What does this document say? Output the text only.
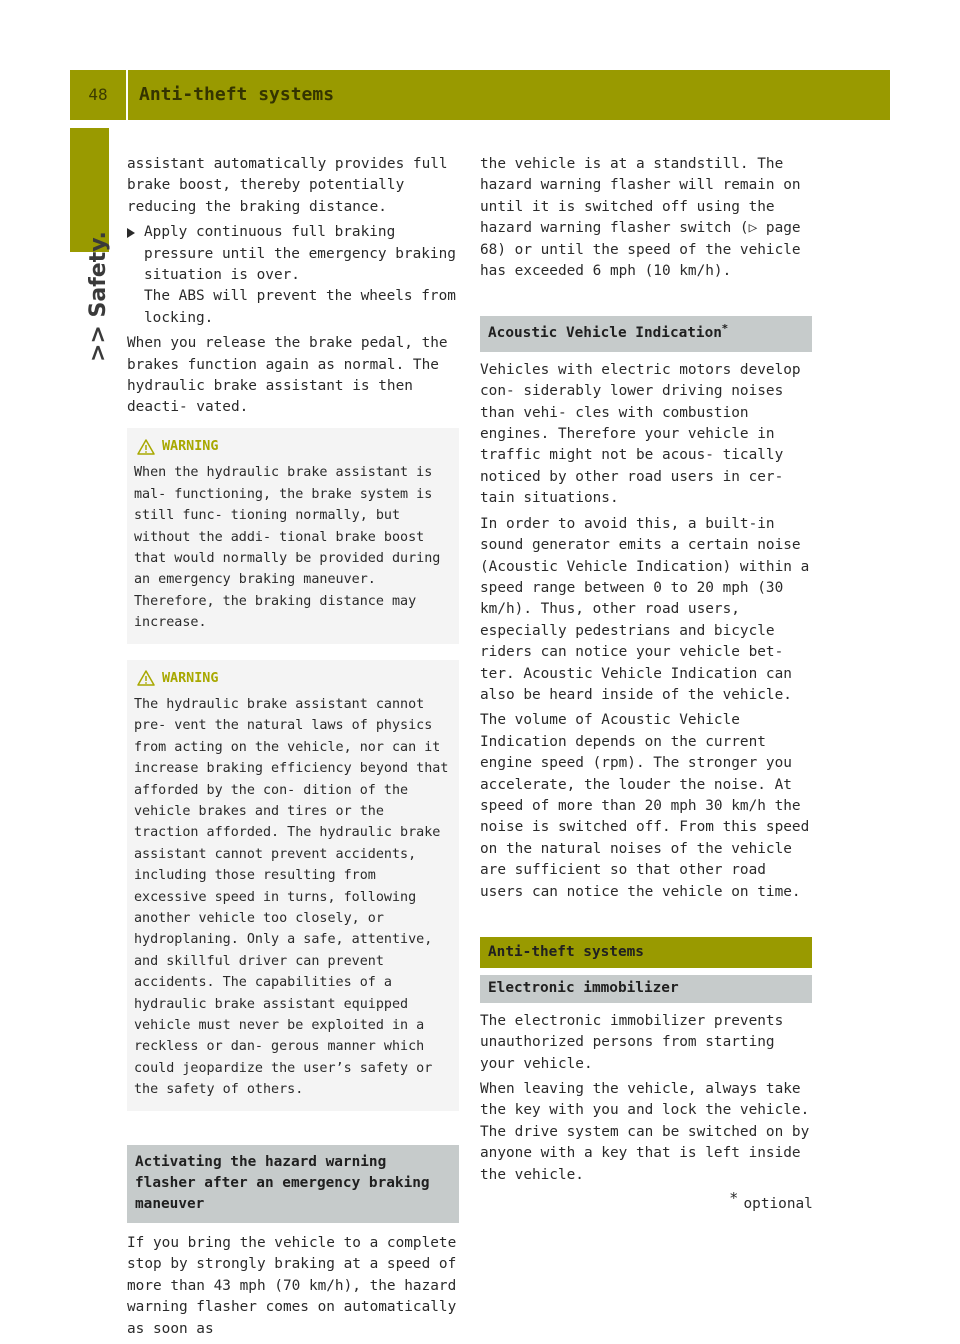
48	Anti-theft systems
>> Safety.

assistant automatically provides full brake boost, thereby potentially reducing the braking distance.

Apply continuous full braking pressure until the emergency braking situation is over.
The ABS will prevent the wheels from locking.

When you release the brake pedal, the brakes function again as normal. The hydraulic brake assistant is then deacti- vated.

WARNING
When the hydraulic brake assistant is mal- functioning, the brake system is still func- tioning normally, but without the addi- tional brake boost that would normally be provided during an emergency braking maneuver. Therefore, the braking distance may increase.
WARNING
The hydraulic brake assistant cannot pre- vent the natural laws of physics from acting on the vehicle, nor can it increase braking efficiency beyond that afforded by the con- dition of the vehicle brakes and tires or the traction afforded. The hydraulic brake assistant cannot prevent accidents, including those resulting from excessive speed in turns, following another vehicle too closely, or hydroplaning. Only a safe, attentive, and skillful driver can prevent accidents. The capabilities of a hydraulic brake assistant equipped vehicle must never be exploited in a reckless or dan- gerous manner which could jeopardize the user’s safety or the safety of others.
Activating the hazard warning flasher after an emergency braking maneuver

If you bring the vehicle to a complete stop by strongly braking at a speed of more than 43 mph (70 km/h), the hazard warning flasher comes on automatically as soon as

the vehicle is at a standstill. The hazard warning flasher will remain on until it is switched off using the hazard warning flasher switch (▷ page 68) or until the speed of the vehicle has exceeded 6 mph (10 km/h).

Acoustic Vehicle Indication*

Vehicles with electric motors develop con- siderably lower driving noises than vehi- cles with combustion engines. Therefore your vehicle in traffic might not be acous- tically noticed by other road users in cer- tain situations.

In order to avoid this, a built-in sound generator emits a certain noise (Acoustic Vehicle Indication) within a speed range between 0 to 20 mph (30 km/h). Thus, other road users, especially pedestrians and bicycle riders can notice your vehicle bet- ter. Acoustic Vehicle Indication can also be heard inside of the vehicle.

The volume of Acoustic Vehicle Indication depends on the current engine speed (rpm). The stronger you accelerate, the louder the noise. At speed of more than 20 mph 30 km/h the noise is switched off. From this speed on the natural noises of the vehicle are sufficient so that other road users can notice the vehicle on time.

Anti-theft systems
Electronic immobilizer

The electronic immobilizer prevents unauthorized persons from starting your vehicle.

When leaving the vehicle, always take the key with you and lock the vehicle. The drive system can be switched on by anyone with a key that is left inside the vehicle.

* optional
